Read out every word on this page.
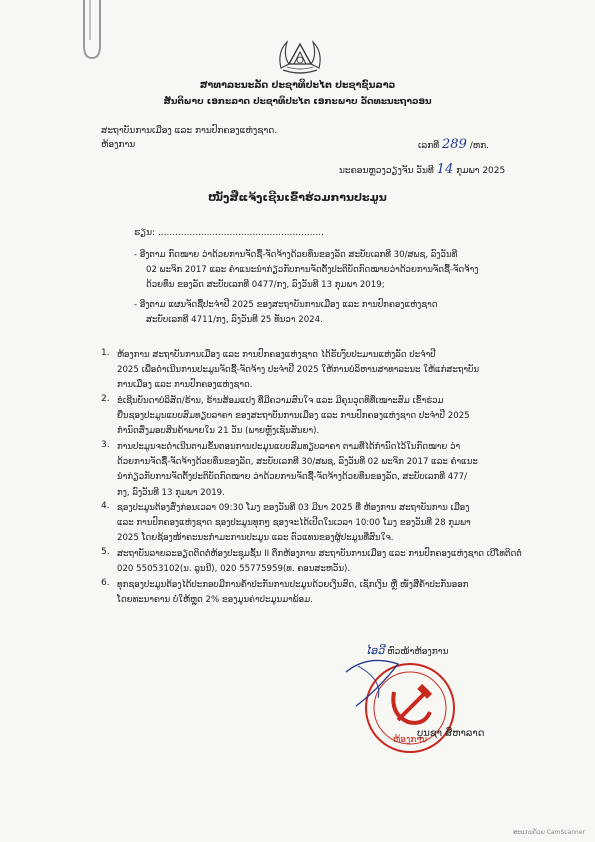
ສາທາລະນະລັດ ປະຊາທິປະໄຕ ປະຊາຊົນລາວ
ສັນຕິພາບ ເອກະລາດ ປະຊາທິປະໄຕ ເອກະພາບ ວັດທະນະຖາວອນ
ສະຖາບັນການເມືອງ ແລະ ການປົກຄອງແຫ່ງຊາດ.
ຫ້ອງການ	ເລກທີ 289 /ຫກ.
ນະຄອນຫຼວງວຽງຈັນ ວັນທີ 14 ກຸມພາ 2025
ໜັງສືແຈ້ງເຊີນເຂົ້າຮ່ວມການປະມູນ
ຮຽນ: ..........................................................
- ອີງຕາມ ກົດໝາຍ ວ່າດ້ວຍການຈັດຊື້-ຈັດຈ້າງດ້ວຍທຶນຂອງລັດ ສະບັບເລກທີ 30/ສພຊ, ລົງວັນທີ
02 ພະຈິກ 2017 ແລະ ຄໍາແນະນໍາກ່ຽວກັບການຈັດຕັ້ງປະຕິບັດກົດໝາຍວ່າດ້ວຍການຈັດຊື້-ຈັດຈ້າງ
ດ້ວຍທຶນ ຂອງລັດ ສະບັບເລກທີ 0477/ກງ, ລົງວັນທີ 13 ກຸມພາ 2019;
- ອີງຕາມ ແຜນຈັດຊື້ປະຈໍາປີ 2025 ຂອງສະຖາບັນການເມືອງ ແລະ ການປົກຄອງແຫ່ງຊາດ
ສະບັບເລກທີ 4711/ກງ, ລົງວັນທີ 25 ທັນວາ 2024.
1. ຫ້ອງການ ສະຖາບັນການເມືອງ ແລະ ການປົກຄອງແຫ່ງຊາດ ໄດ້ຮັບງົບປະມານແຫ່ງລັດ ປະຈໍາປີ
2025 ເພື່ອດໍາເນີນການປະມູນຈັດຊື້-ຈັດຈ້າງ ປະຈໍາປີ 2025 ໃຫ້ການບໍລິຫານສາທາລະນະ ໃຫ້ແກ່ສະຖາບັນ
ການເມືອງ ແລະ ການປົກຄອງແຫ່ງຊາດ.
2. ຂໍເຊີນບັນດາບໍລິສັດ/ຮ້ານ, ຮ້ານສ້ອມແປງ ທີ່ມີຄວາມສົນໃຈ ແລະ ມີຄຸນວຸດທິທີ່ເໝາະສົມ ເຂົ້າຮ່ວມ
ຍື່ນຊອງປະມູນແບບສົມທຽບລາຄາ ຂອງສະຖາບັນການເມືອງ ແລະ ການປົກຄອງແຫ່ງຊາດ ປະຈໍາປີ 2025
ກໍານົດສົ່ງມອບສິນຄ້າພາຍໃນ 21 ວັນ (ພາຍຫຼັງເຊັນສັນຍາ).
3. ການປະມູນຈະດໍາເນີນຕາມຂັ້ນຕອນການປະມູນແບບສົມທຽບລາຄາ ຕາມທີ່ໄດ້ກໍານົດໄວ້ໃນກົດໝາຍ ວ່າ
ດ້ວຍການຈັດຊື້-ຈັດຈ້າງດ້ວຍທຶນຂອງລັດ, ສະບັບເລກທີ 30/ສພຊ, ລົງວັນທີ 02 ພະຈິກ 2017 ແລະ ຄໍາແນະ
ນໍາກ່ຽວກັບການຈັດຕັ້ງປະຕິບັດກົດໝາຍ ວ່າດ້ວຍການຈັດຊື້-ຈັດຈ້າງດ້ວຍທຶນຂອງລັດ, ສະບັບເລກທີ 477/
ກງ, ລົງວັນທີ 13 ກຸມພາ 2019.
4. ຊອງປະມູນຕ້ອງສົ່ງກ່ອນເວລາ 09:30 ໂມງ ຂອງວັນທີ 03 ມີນາ 2025 ທີ່ ຫ້ອງການ ສະຖາບັນການ ເມືອງ
ແລະ ການປົກຄອງແຫ່ງຊາດ ຊອງປະມູນທຸກໆ ຊອງຈະໄດ້ເປີດໃນເວລາ 10:00 ໂມງ ຂອງວັນທີ 28 ກຸມພາ
2025 ໂດຍຊ້ອງໜ້າຄະນະກໍາມະການປະມູນ ແລະ ຕົວແທນຂອງຜູ້ປະມູນທີ່ສົນໃຈ.
5. ສະຖາບັນລາຍລະອຽດຕິດຕໍ່ຫ້ອງປະຊຸມຊັ້ນ II ຕຶກຫ້ອງການ ສະຖາບັນການເມືອງ ແລະ ການປົກຄອງແຫ່ງຊາດ ເບີໂທຕິດຕໍ່
020 55053102(ນ. ລູນນີ), 020 55775959(ທ. ຄອນສະຫວັນ).
6. ທຸກຊອງປະມູນຕ້ອງໄດ້ປະກອບມີການຄໍ້າປະກັນການປະມູນດ້ວຍເງິນສົດ, ເຊັກເງິນ ຫຼື ໜັງສືຄໍ້າປະກັນອອກ
ໂດຍທະນາຄານ ບໍ່ໃຫ້ຫຼຸດ 2% ຂອງມູນຄ່າປະມູນມາພ້ອມ.
ໄອວີ ຫົວໜ້າຫ້ອງການ
ຫ້ອງການ
ບຸນຊາ ສີຫາລາດ
ສະແກນດ້ວຍ CamScanner
